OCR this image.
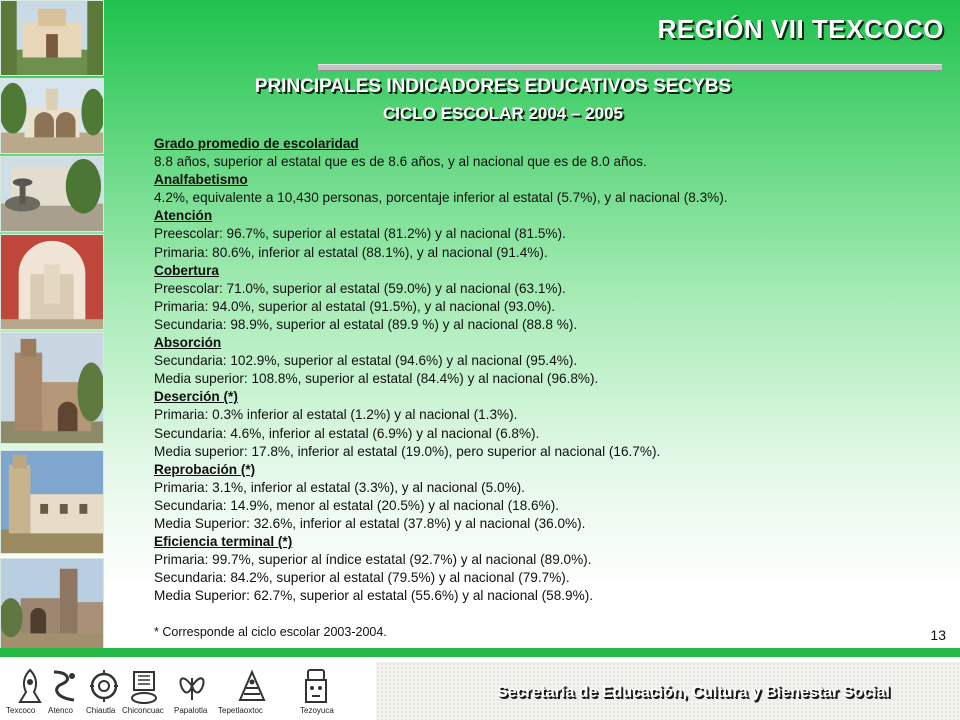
REGIÓN VII TEXCOCO
PRINCIPALES INDICADORES EDUCATIVOS SECYBS
CICLO ESCOLAR 2004 – 2005
Grado promedio de escolaridad
8.8 años, superior al estatal que es de 8.6 años, y al nacional que es de 8.0 años.
Analfabetismo
4.2%, equivalente a 10,430 personas, porcentaje inferior al estatal (5.7%), y al nacional (8.3%).
Atención
Preescolar: 96.7%, superior al estatal (81.2%) y al nacional (81.5%).
Primaria: 80.6%, inferior al estatal (88.1%), y al nacional (91.4%).
Cobertura
Preescolar: 71.0%, superior al estatal (59.0%) y al nacional (63.1%).
Primaria: 94.0%, superior al estatal (91.5%), y al nacional (93.0%).
Secundaria: 98.9%, superior al estatal (89.9 %) y al nacional (88.8 %).
Absorción
Secundaria: 102.9%, superior al estatal (94.6%) y al nacional (95.4%).
Media superior: 108.8%, superior al estatal (84.4%) y al nacional (96.8%).
Deserción (*)
Primaria: 0.3% inferior al estatal (1.2%) y al nacional (1.3%).
Secundaria: 4.6%, inferior al estatal (6.9%) y al nacional (6.8%).
Media superior: 17.8%, inferior al estatal (19.0%), pero superior al nacional (16.7%).
Reprobación (*)
Primaria: 3.1%, inferior al estatal (3.3%), y al nacional (5.0%).
Secundaria: 14.9%, menor al estatal (20.5%) y al nacional (18.6%).
Media Superior: 32.6%, inferior al estatal (37.8%) y al nacional (36.0%).
Eficiencia terminal (*)
Primaria: 99.7%, superior al índice estatal (92.7%) y al nacional (89.0%).
Secundaria: 84.2%, superior al estatal (79.5%) y al nacional (79.7%).
Media Superior: 62.7%, superior al estatal (55.6%) y al nacional (58.9%).
* Corresponde al ciclo escolar 2003-2004.	13
Secretaría de Educación, Cultura y Bienestar Social
Texcoco Atenco Chiautla Chiconcuac Papalotla Tepetlaoxtoc	Tezoyuca
